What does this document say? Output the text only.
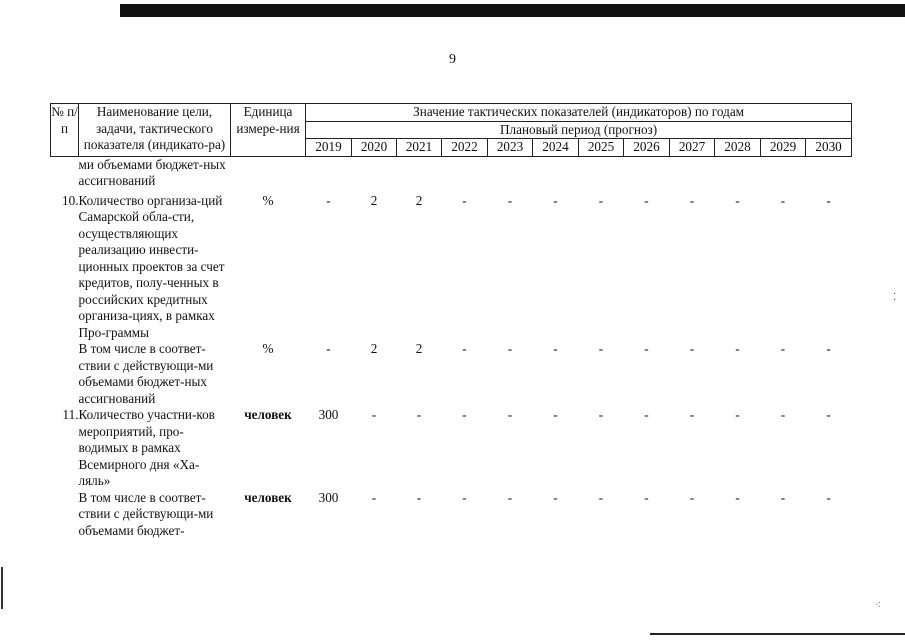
9
№ п/п	Наименование цели, задачи, тактического показателя (индикато-ра)	Единица измере-ния	Значение тактических показателей (индикаторов) по годам											
			Плановый период (прогноз)											
			2019	2020	2021	2022	2023	2024	2025	2026	2027	2028	2029	2030
	ми объемами бюджет-ных ассигнований													
10.	Количество организа-ций Самарской обла-сти, осуществляющих реализацию инвести-ционных проектов за счет кредитов, полу-ченных в российских кредитных организа-циях, в рамках Про-граммы	%	-	2	2	-	-	-	-	-	-	-	-	-
	В том числе в соответ-ствии с действующи-ми объемами бюджет-ных ассигнований	%	-	2	2	-	-	-	-	-	-	-	-	-
11.	Количество участни-ков мероприятий, про-водимых в рамках Всемирного дня «Ха-ляль»	человек	300	-	-	-	-	-	-	-	-	-	-	-
	В том числе в соответ-ствии с действующи-ми объемами бюджет-	человек	300	-	-	-	-	-	-	-	-	-	-	-
⁚
⁖
